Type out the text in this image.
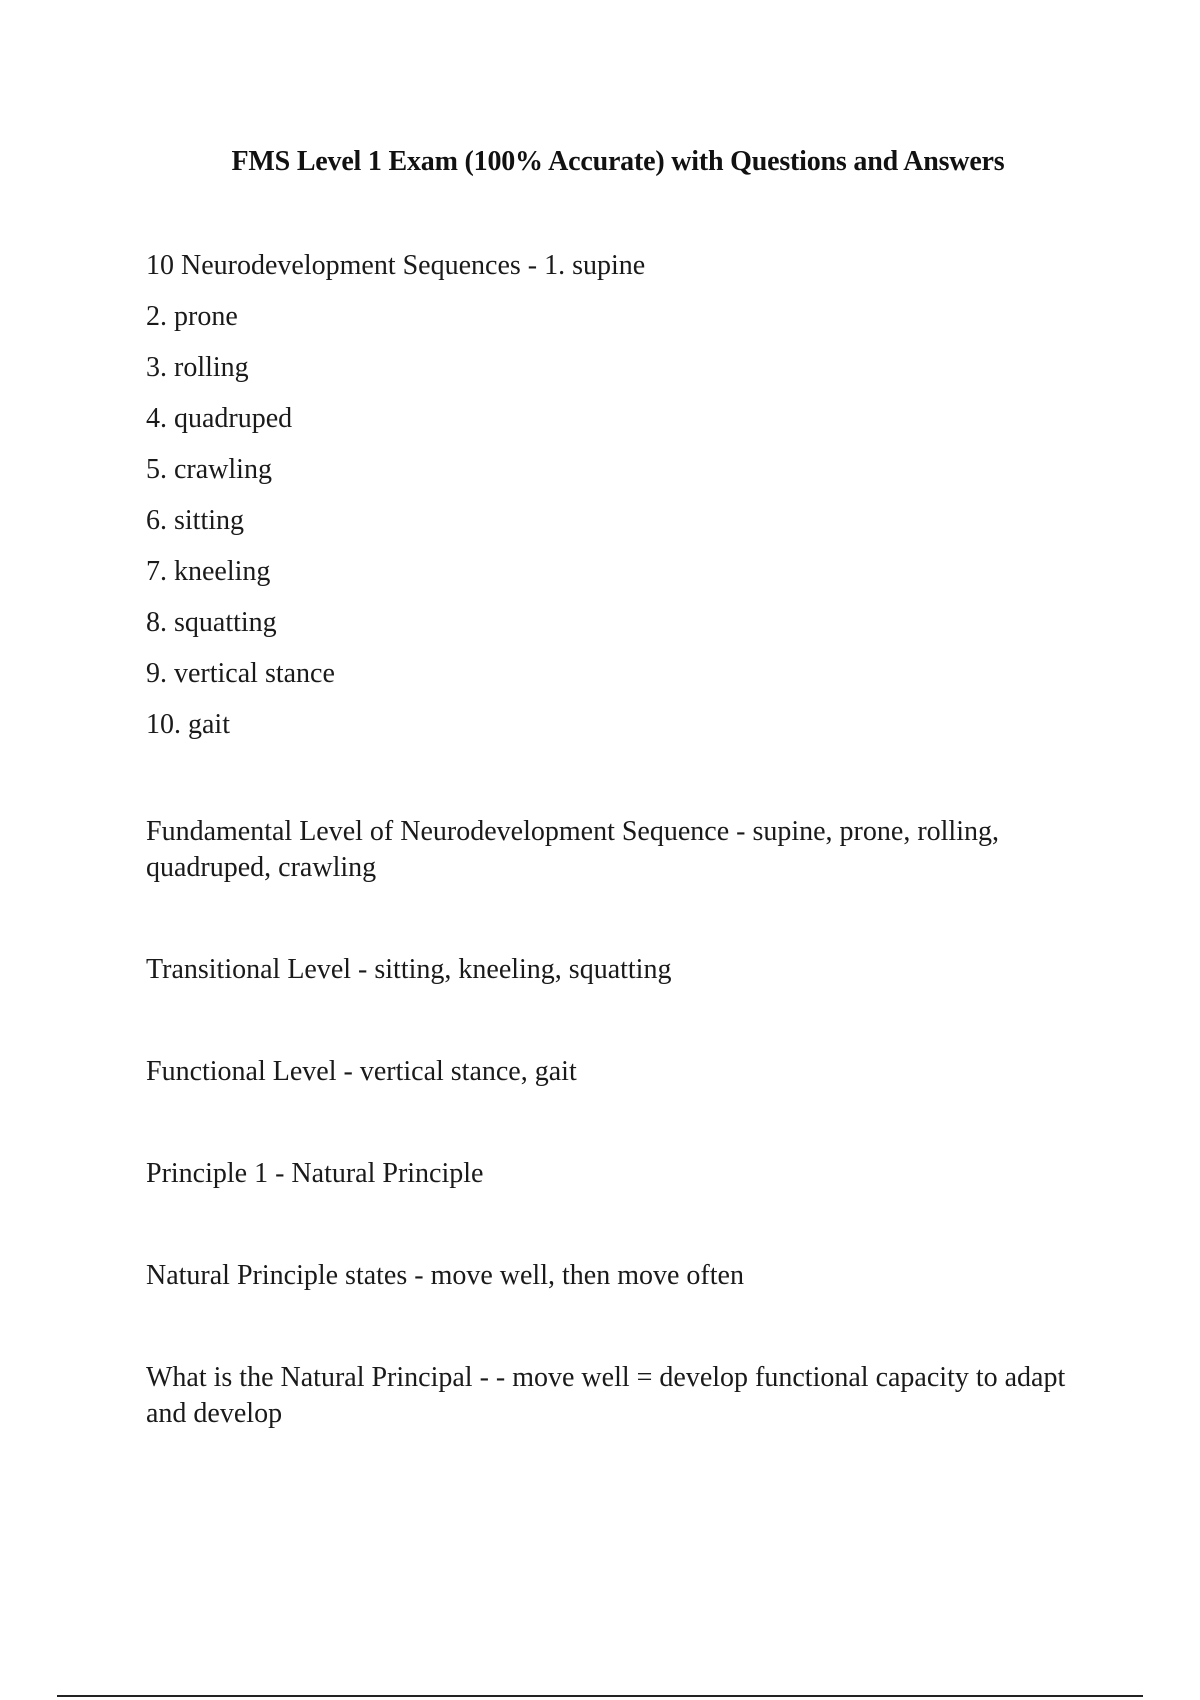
FMS Level 1 Exam (100% Accurate) with Questions and Answers
10 Neurodevelopment Sequences - 1. supine
2. prone
3. rolling
4. quadruped
5. crawling
6. sitting
7. kneeling
8. squatting
9. vertical stance
10. gait

Fundamental Level of Neurodevelopment Sequence - supine, prone, rolling, quadruped, crawling

Transitional Level - sitting, kneeling, squatting

Functional Level - vertical stance, gait

Principle 1 - Natural Principle

Natural Principle states - move well, then move often

What is the Natural Principal - - move well = develop functional capacity to adapt and develop
